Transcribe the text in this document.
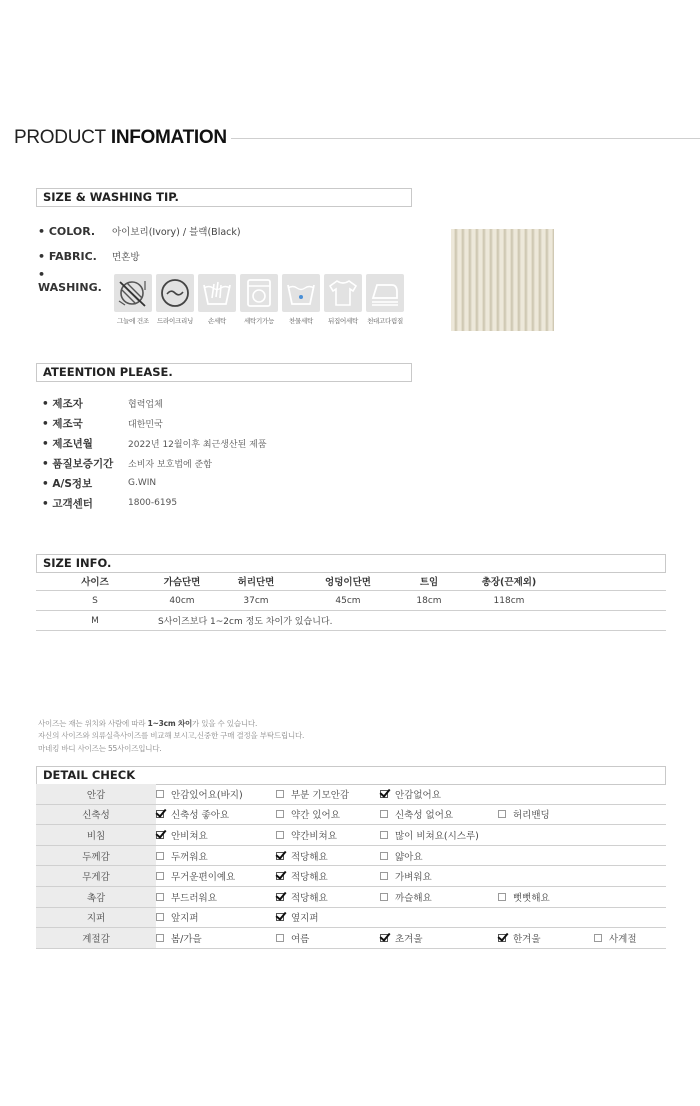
PRODUCT INFOMATION
SIZE & WASHING TIP.
• COLOR.	아이보리(Ivory) / 블랙(Black)
• FABRIC.	면혼방
• WASHING.
그늘에 건조 드라이크리닝 손세탁	세탁기가능 찬물세탁 뒤집어세탁 천대고다림질
ATEENTION PLEASE.
• 제조자	협력업체
• 제조국	대한민국
• 제조년월	2022년 12월이후 최근생산된 제품
• 품질보증기간	소비자 보호법에 준함
• A/S정보	G.WIN
• 고객센터	1800-6195
SIZE INFO.
사이즈	가슴단면	허리단면	엉덩이단면	트임	총장(끈제외)
S	40cm	37cm	45cm	18cm	118cm
M	S사이즈보다 1~2cm 정도 차이가 있습니다.
사이즈는 재는 위치와 사람에 따라 1~3cm 차이가 있을 수 있습니다.
자신의 사이즈와 의류실측사이즈를 비교해 보시고,신중한 구매 결정을 부탁드립니다.
마네킹 바디 사이즈는 55사이즈입니다.
DETAIL CHECK
안감	안감있어요(바지)	부분 기모안감	안감없어요
신축성	신축성 좋아요	약간 있어요	신축성 없어요	허리밴딩
비침	안비쳐요	약간비쳐요	많이 비쳐요(시스루)
두께감	두꺼워요	적당해요	얇아요
무게감	무거운편이예요	적당해요	가벼워요
촉감	부드러워요	적당해요	까슬해요	뻣뻣해요
지퍼	앞지퍼	옆지퍼
계절감	봄/가을	여름	초겨울	한겨울	사계절
